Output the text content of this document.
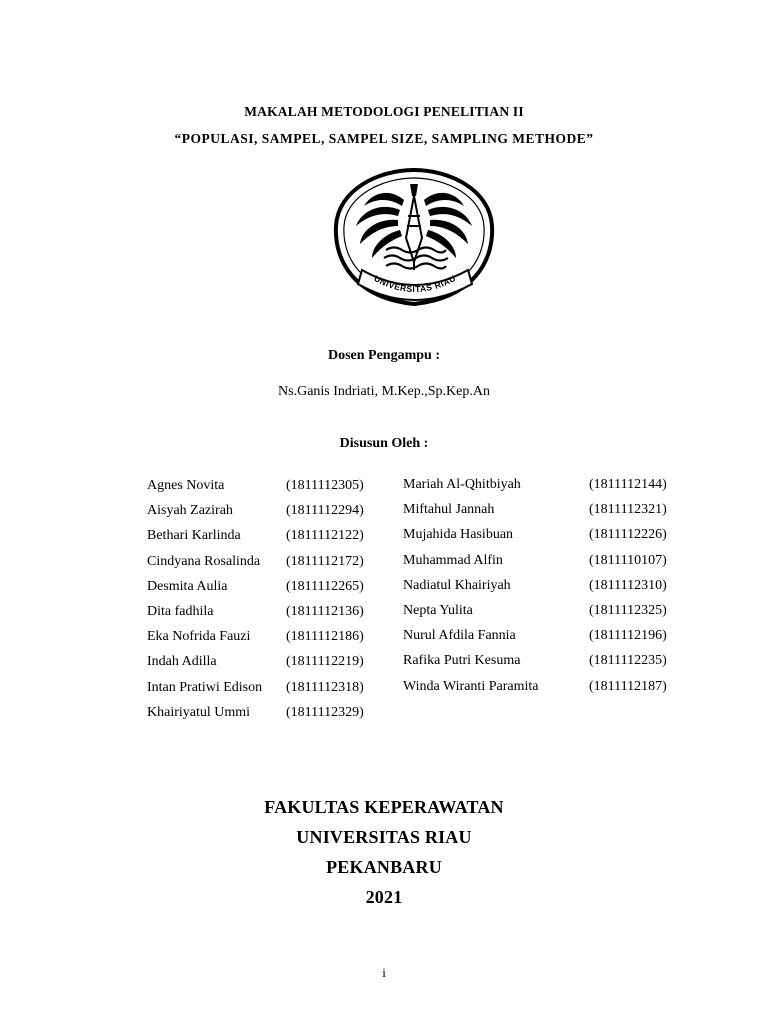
MAKALAH METODOLOGI PENELITIAN II
“POPULASI, SAMPEL, SAMPEL SIZE, SAMPLING METHODE”
UNIVERSITAS RIAU
Dosen Pengampu :
Ns.Ganis Indriati, M.Kep.,Sp.Kep.An
Disusun Oleh :
Agnes Novita	(1811112305)
Aisyah Zazirah	(1811112294)
Bethari Karlinda	(1811112122)
Cindyana Rosalinda (1811112172)
Desmita Aulia	(1811112265)
Dita fadhila	(1811112136)
Eka Nofrida Fauzi	(1811112186)
Indah Adilla	(1811112219)
Intan Pratiwi Edison (1811112318)
Khairiyatul Ummi	(1811112329)
Mariah Al-Qhitbiyah	(1811112144)
Miftahul Jannah	(1811112321)
Mujahida Hasibuan	(1811112226)
Muhammad Alfin	(1811110107)
Nadiatul Khairiyah	(1811112310)
Nepta Yulita	(1811112325)
Nurul Afdila Fannia	(1811112196)
Rafika Putri Kesuma	(1811112235)
Winda Wiranti Paramita	(1811112187)
FAKULTAS KEPERAWATAN
UNIVERSITAS RIAU
PEKANBARU
2021
i
